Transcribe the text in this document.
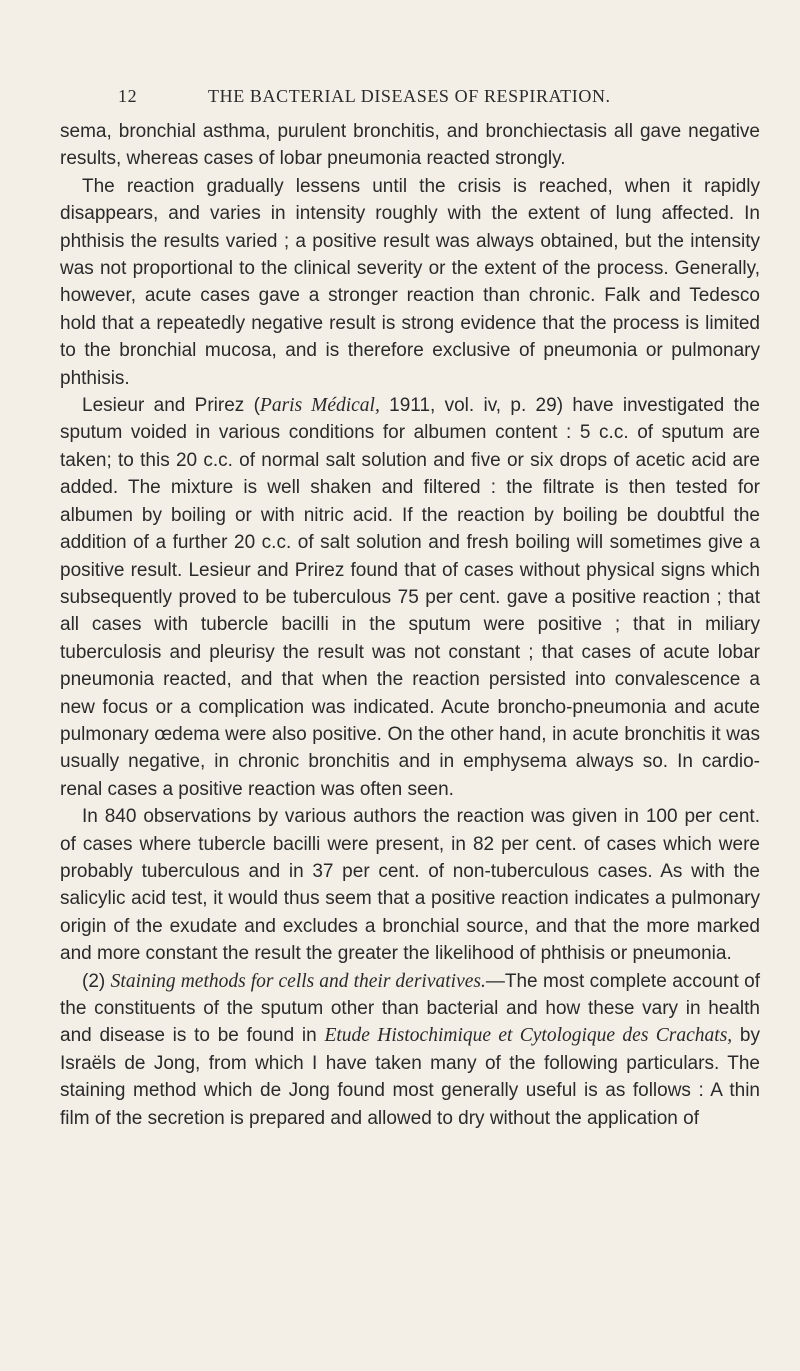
12	THE BACTERIAL DISEASES OF RESPIRATION.

sema, bronchial asthma, purulent bronchitis, and bronchiectasis all gave negative results, whereas cases of lobar pneumonia reacted strongly.

The reaction gradually lessens until the crisis is reached, when it rapidly disappears, and varies in intensity roughly with the extent of lung affected. In phthisis the results varied ; a positive result was always obtained, but the intensity was not proportional to the clinical severity or the extent of the process. Generally, however, acute cases gave a stronger reaction than chronic. Falk and Tedesco hold that a repeatedly negative result is strong evidence that the process is limited to the bronchial mucosa, and is therefore exclusive of pneumonia or pulmonary phthisis.

Lesieur and Prirez (Paris Médical, 1911, vol. iv, p. 29) have investigated the sputum voided in various conditions for albumen content : 5 c.c. of sputum are taken; to this 20 c.c. of normal salt solution and five or six drops of acetic acid are added. The mixture is well shaken and filtered : the filtrate is then tested for albumen by boiling or with nitric acid. If the reaction by boiling be doubtful the addition of a further 20 c.c. of salt solution and fresh boiling will sometimes give a positive result. Lesieur and Prirez found that of cases without physical signs which subsequently proved to be tuberculous 75 per cent. gave a positive reaction ; that all cases with tubercle bacilli in the sputum were positive ; that in miliary tuberculosis and pleurisy the result was not constant ; that cases of acute lobar pneumonia reacted, and that when the reaction persisted into convalescence a new focus or a complication was indicated. Acute broncho-pneumonia and acute pulmonary œdema were also positive. On the other hand, in acute bronchitis it was usually negative, in chronic bronchitis and in emphysema always so. In cardio-renal cases a positive reaction was often seen.

In 840 observations by various authors the reaction was given in 100 per cent. of cases where tubercle bacilli were present, in 82 per cent. of cases which were probably tuberculous and in 37 per cent. of non-tuberculous cases. As with the salicylic acid test, it would thus seem that a positive reaction indicates a pulmonary origin of the exudate and excludes a bronchial source, and that the more marked and more constant the result the greater the likelihood of phthisis or pneumonia.

(2) Staining methods for cells and their derivatives.—The most complete account of the constituents of the sputum other than bacterial and how these vary in health and disease is to be found in Etude Histochimique et Cytologique des Crachats, by Israëls de Jong, from which I have taken many of the following particulars. The staining method which de Jong found most generally useful is as follows : A thin film of the secretion is prepared and allowed to dry without the application of
